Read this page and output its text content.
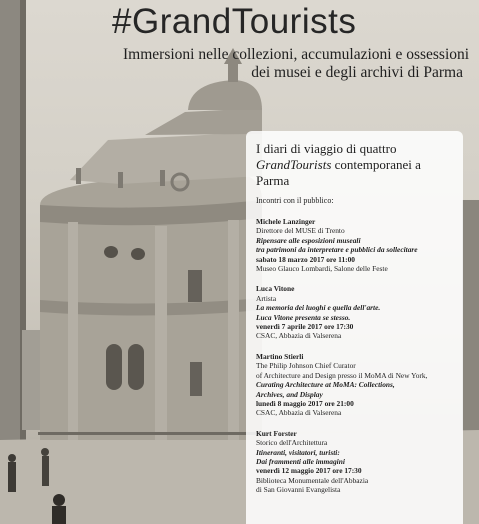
#GrandTourists
Immersioni nelle collezioni, accumulazioni e ossessioni
dei musei e degli archivi di Parma
I diari di viaggio di quattro
GrandTourists contemporanei a Parma
Incontri con il pubblico:
Michele Lanzinger
Direttore del MUSE di Trento
Ripensare alle esposizioni museali
tra patrimoni da interpretare e pubblici da sollecitare
sabato 18 marzo 2017 ore 11:00
Museo Glauco Lombardi, Salone delle Feste
Luca Vitone
Artista
La memoria dei luoghi e quella dell'arte.
Luca Vitone presenta se stesso.
venerdì 7 aprile 2017 ore 17:30
CSAC, Abbazia di Valserena
Martino Stierli
The Philip Johnson Chief Curator
of Architecture and Design presso il MoMA di New York,
Curating Architecture at MoMA: Collections,
Archives, and Display
lunedì 8 maggio 2017 ore 21:00
CSAC, Abbazia di Valserena
Kurt Forster
Storico dell'Architettura
Itineranti, visitatori, turisti:
Dai frammenti alle immagini
venerdì 12 maggio 2017 ore 17:30
Biblioteca Monumentale dell'Abbazia
di San Giovanni Evangelista
